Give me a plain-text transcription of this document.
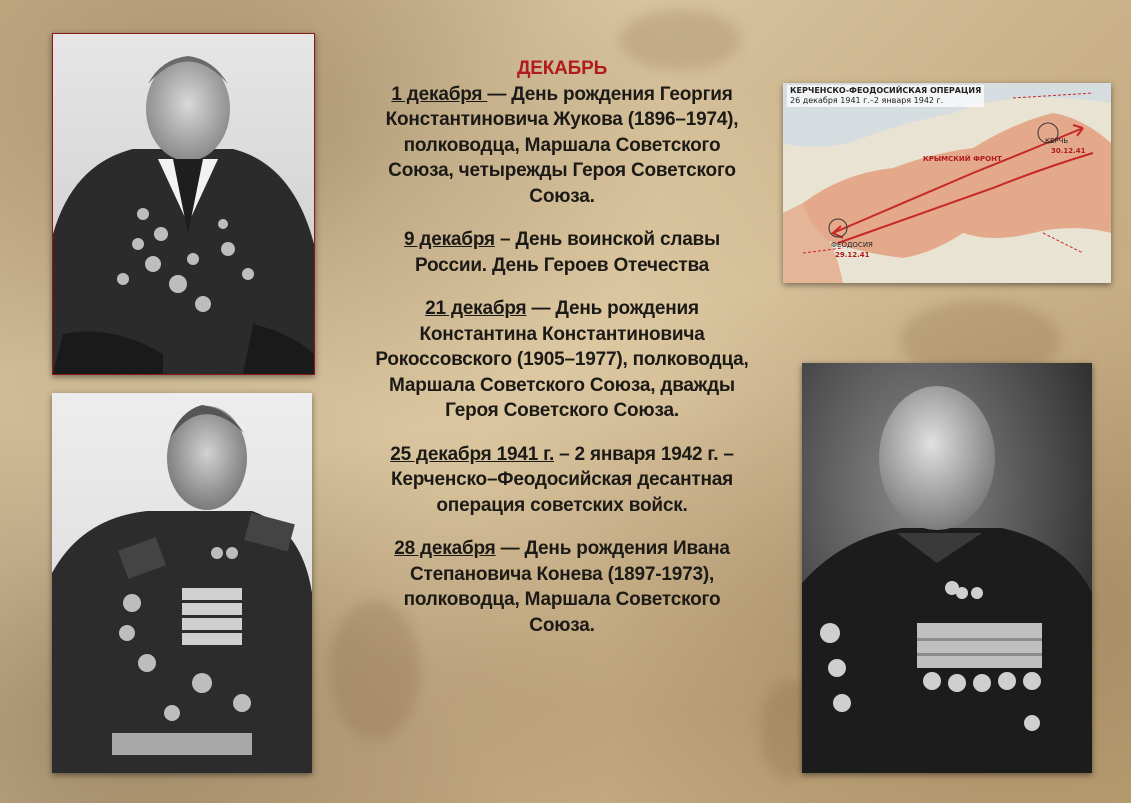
КЕРЧЕНСКО-ФЕОДОСИЙСКАЯ ОПЕРАЦИЯ
26 декабря 1941 г.–2 января 1942 г.
КЕРЧЬ
30.12.41
ФЕОДОСИЯ
29.12.41
КРЫМСКИЙ ФРОНТ
ДЕКАБРЬ
1 декабря — День рождения Георгия Константиновича Жукова (1896–1974), полководца, Маршала Советского Союза, четырежды Героя Советского Союза.
9 декабря – День воинской славы России. День Героев Отечества
21 декабря — День рождения Константина Константиновича Рокоссовского (1905–1977), полководца, Маршала Советского Союза, дважды Героя Советского Союза.
25 декабря 1941 г. – 2 января 1942 г. – Керченско–Феодосийская десантная операция советских войск.
28 декабря — День рождения Ивана Степановича Конева (1897-1973), полководца, Маршала Советского Союза.
